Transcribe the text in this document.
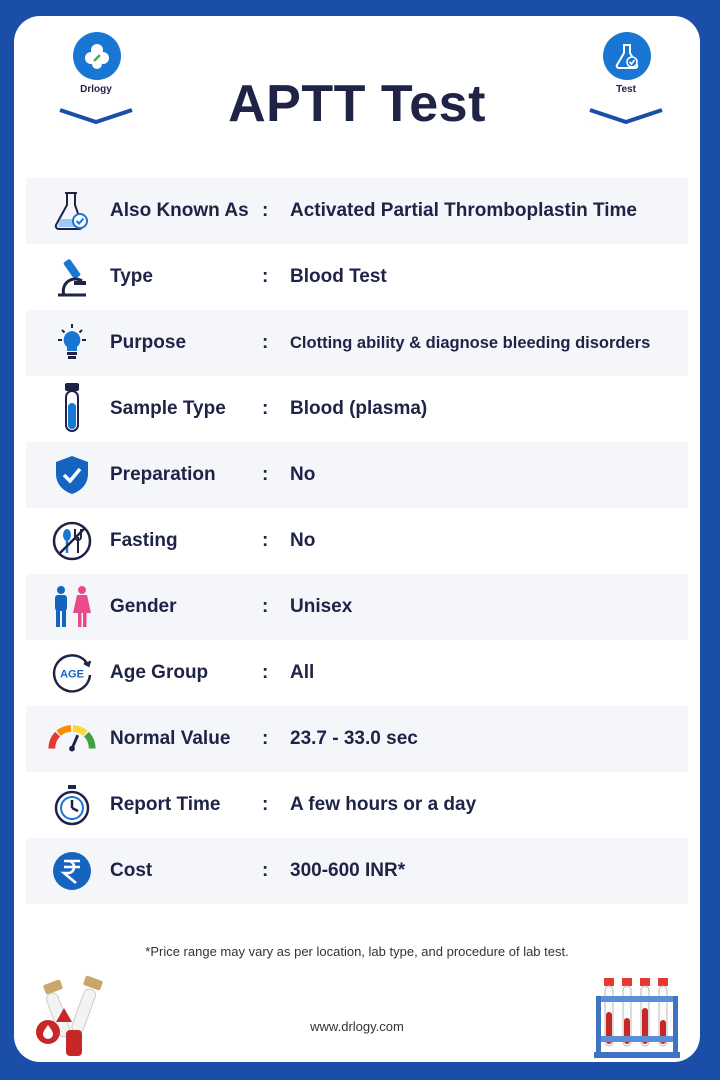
Drlogy	Test
APTT Test
Also Known As : Activated Partial Thromboplastin Time
Type	: Blood Test
Purpose	: Clotting ability & diagnose bleeding disorders
Sample Type : Blood (plasma)
Preparation : No
Fasting	: No
Gender	: Unisex
AGE Age Group	: All
Normal Value : 23.7 - 33.0 sec
Report Time : A few hours or a day
Cost	: 300-600 INR*
*Price range may vary as per location, lab type, and procedure of lab test.
www.drlogy.com
